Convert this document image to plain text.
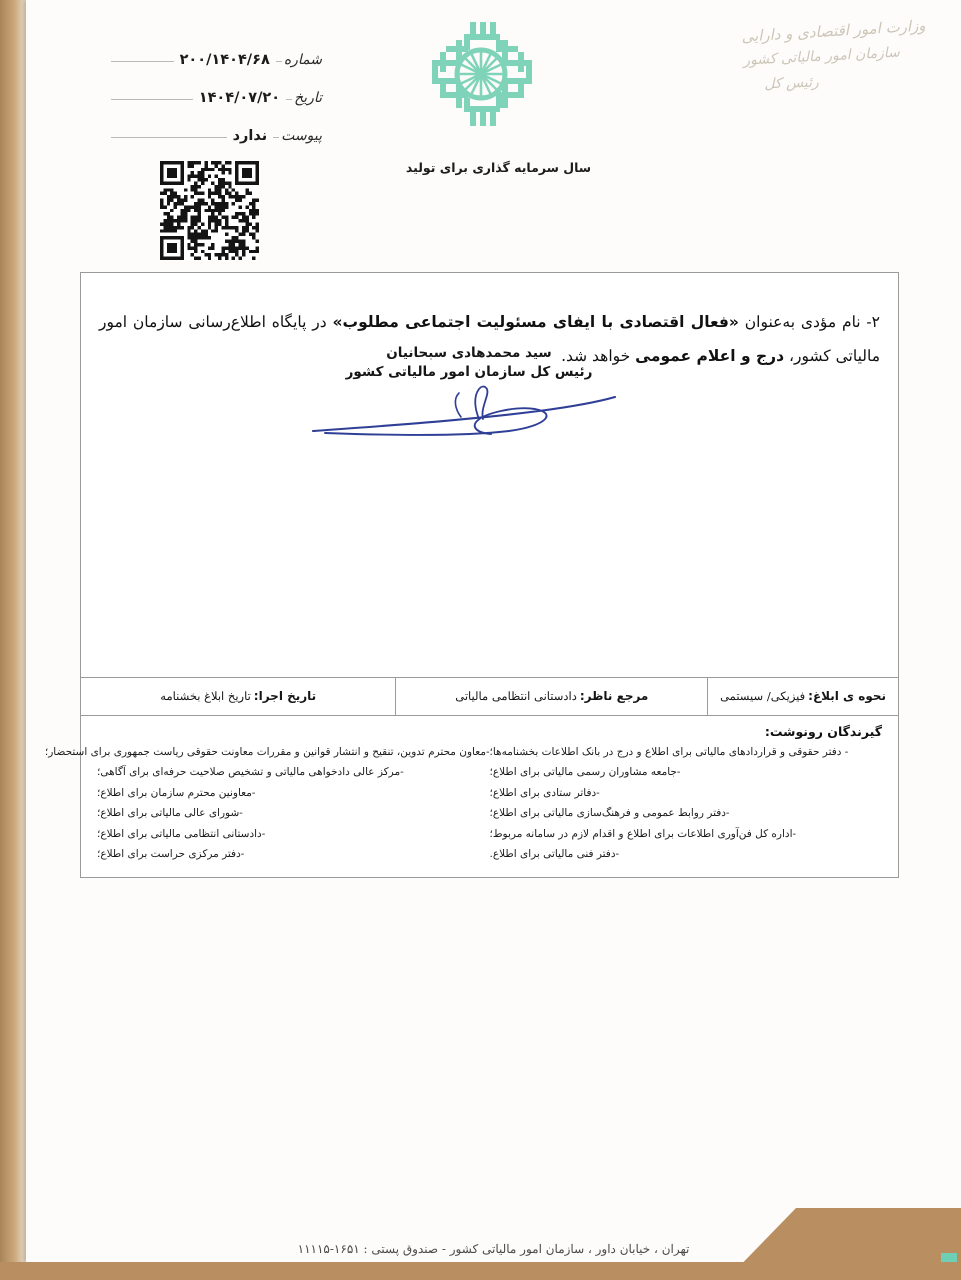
شماره
۲۰۰/۱۴۰۴/۶۸
تاریخ
۱۴۰۴/۰۷/۲۰
پیوست
ندارد
وزارت امور اقتصادی و دارایی
سازمان امور مالیاتی کشور
رئیس کل
سال سرمایه گذاری برای تولید

۲- نام مؤدی به‌عنوان «فعال اقتصادی با ایفای مسئولیت اجتماعی مطلوب» در پایگاه اطلاع‌رسانی سازمان امور مالیاتی کشور، درج و اعلام عمومی خواهد شد.

سید محمدهادی سبحانیان
رئیس کل سازمان امور مالیاتی کشور
نحوه ی ابلاغ:
فیزیکی/ سیستمی
مرجع ناظر:
دادستانی انتظامی مالیاتی
تاریخ اجرا:
تاریخ ابلاغ بخشنامه
گیرندگان رونوشت:
- دفتر حقوقی و قراردادهای مالیاتی برای اطلاع و درج در بانک اطلاعات بخشنامه‌ها؛
-جامعه مشاوران رسمی مالیاتی برای اطلاع؛
-دفاتر ستادی برای اطلاع؛
-دفتر روابط عمومی و فرهنگ‌سازی مالیاتی برای اطلاع؛
-اداره کل فن‌آوری اطلاعات برای اطلاع و اقدام لازم در سامانه مربوط؛
-دفتر فنی مالیاتی برای اطلاع.
-معاون محترم تدوین، تنقیح و انتشار قوانین و مقررات معاونت حقوقی ریاست جمهوری برای استحضار؛
-مرکز عالی دادخواهی مالیاتی و تشخیص صلاحیت حرفه‌ای برای آگاهی؛
-معاونین محترم سازمان برای اطلاع؛
-شورای عالی مالیاتی برای اطلاع؛
-دادستانی انتظامی مالیاتی برای اطلاع؛
-دفتر مرکزی حراست برای اطلاع؛
تهران ، خیابان داور ، سازمان امور مالیاتی کشور - صندوق پستی : ۱۶۵۱-۱۱۱۱۵
